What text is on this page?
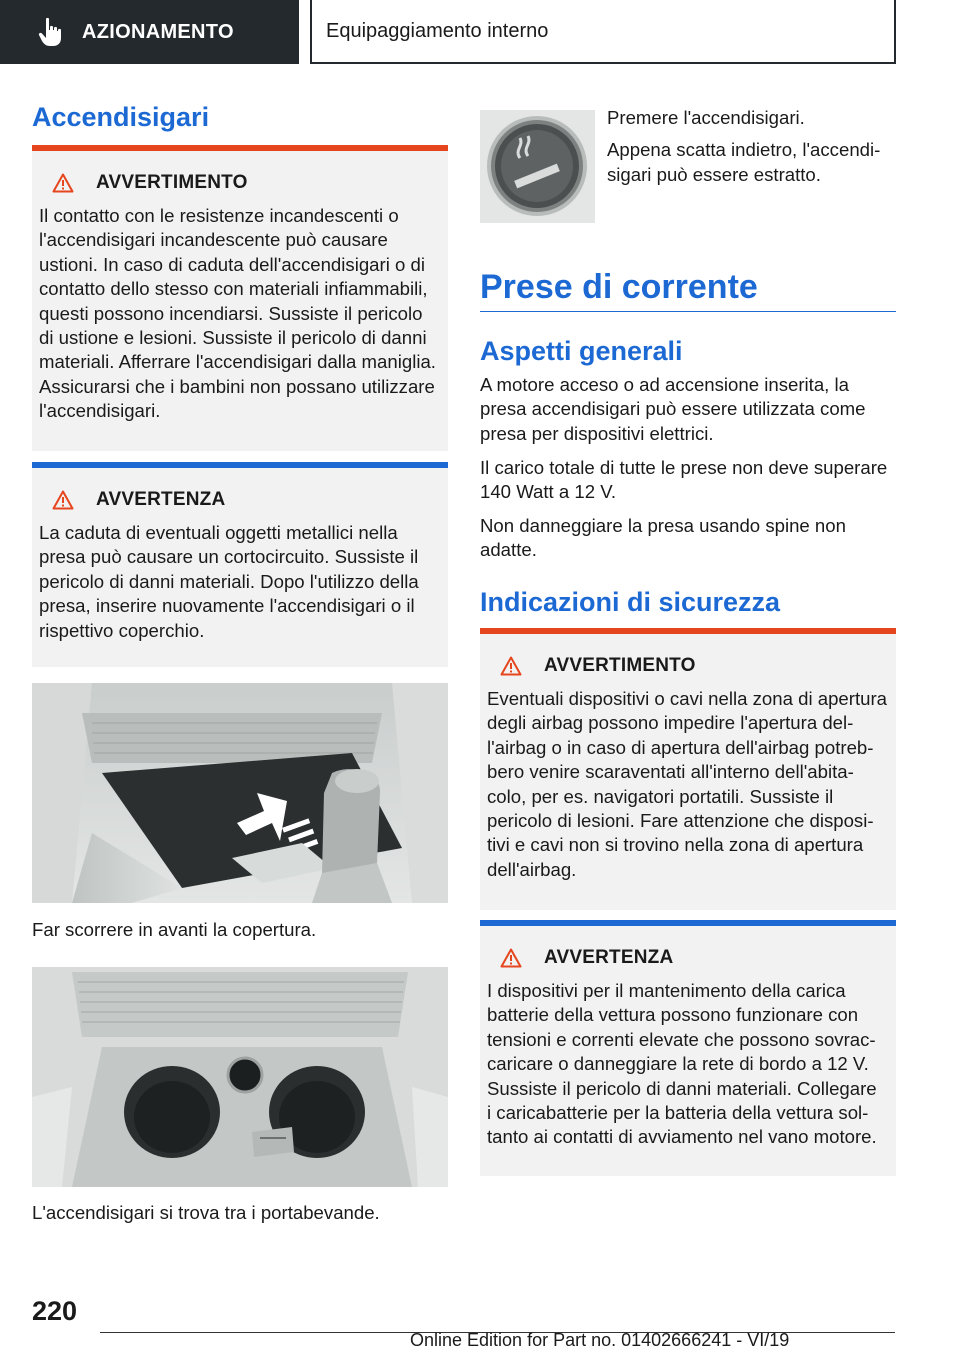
AZIONAMENTO	Equipaggiamento interno
Accendisigari
AVVERTIMENTO
Il contatto con le resistenze incandescenti o
l'accendisigari incandescente può causare
ustioni. In caso di caduta dell'accendisigari o di
contatto dello stesso con materiali infiammabili,
questi possono incendiarsi. Sussiste il pericolo
di ustione e lesioni. Sussiste il pericolo di danni
materiali. Afferrare l'accendisigari dalla maniglia.
Assicurarsi che i bambini non possano utilizzare
l'accendisigari.
AVVERTENZA
La caduta di eventuali oggetti metallici nella
presa può causare un cortocircuito. Sussiste il
pericolo di danni materiali. Dopo l'utilizzo della
presa, inserire nuovamente l'accendisigari o il
rispettivo coperchio.
Far scorrere in avanti la copertura.
L'accendisigari si trova tra i portabevande.
Premere l'accendisigari.
Appena scatta indietro, l'accendi-
sigari può essere estratto.
Prese di corrente
Aspetti generali
A motore acceso o ad accensione inserita, la
presa accendisigari può essere utilizzata come
presa per dispositivi elettrici.
Il carico totale di tutte le prese non deve superare
140 Watt a 12 V.
Non danneggiare la presa usando spine non
adatte.
Indicazioni di sicurezza
AVVERTIMENTO
Eventuali dispositivi o cavi nella zona di apertura
degli airbag possono impedire l'apertura del-
l'airbag o in caso di apertura dell'airbag potreb-
bero venire scaraventati all'interno dell'abita-
colo, per es. navigatori portatili. Sussiste il
pericolo di lesioni. Fare attenzione che disposi-
tivi e cavi non si trovino nella zona di apertura
dell'airbag.
AVVERTENZA
I dispositivi per il mantenimento della carica
batterie della vettura possono funzionare con
tensioni e correnti elevate che possono sovrac-
caricare o danneggiare la rete di bordo a 12 V.
Sussiste il pericolo di danni materiali. Collegare
i caricabatterie per la batteria della vettura sol-
tanto ai contatti di avviamento nel vano motore.
220
Online Edition for Part no. 01402666241 - VI/19
